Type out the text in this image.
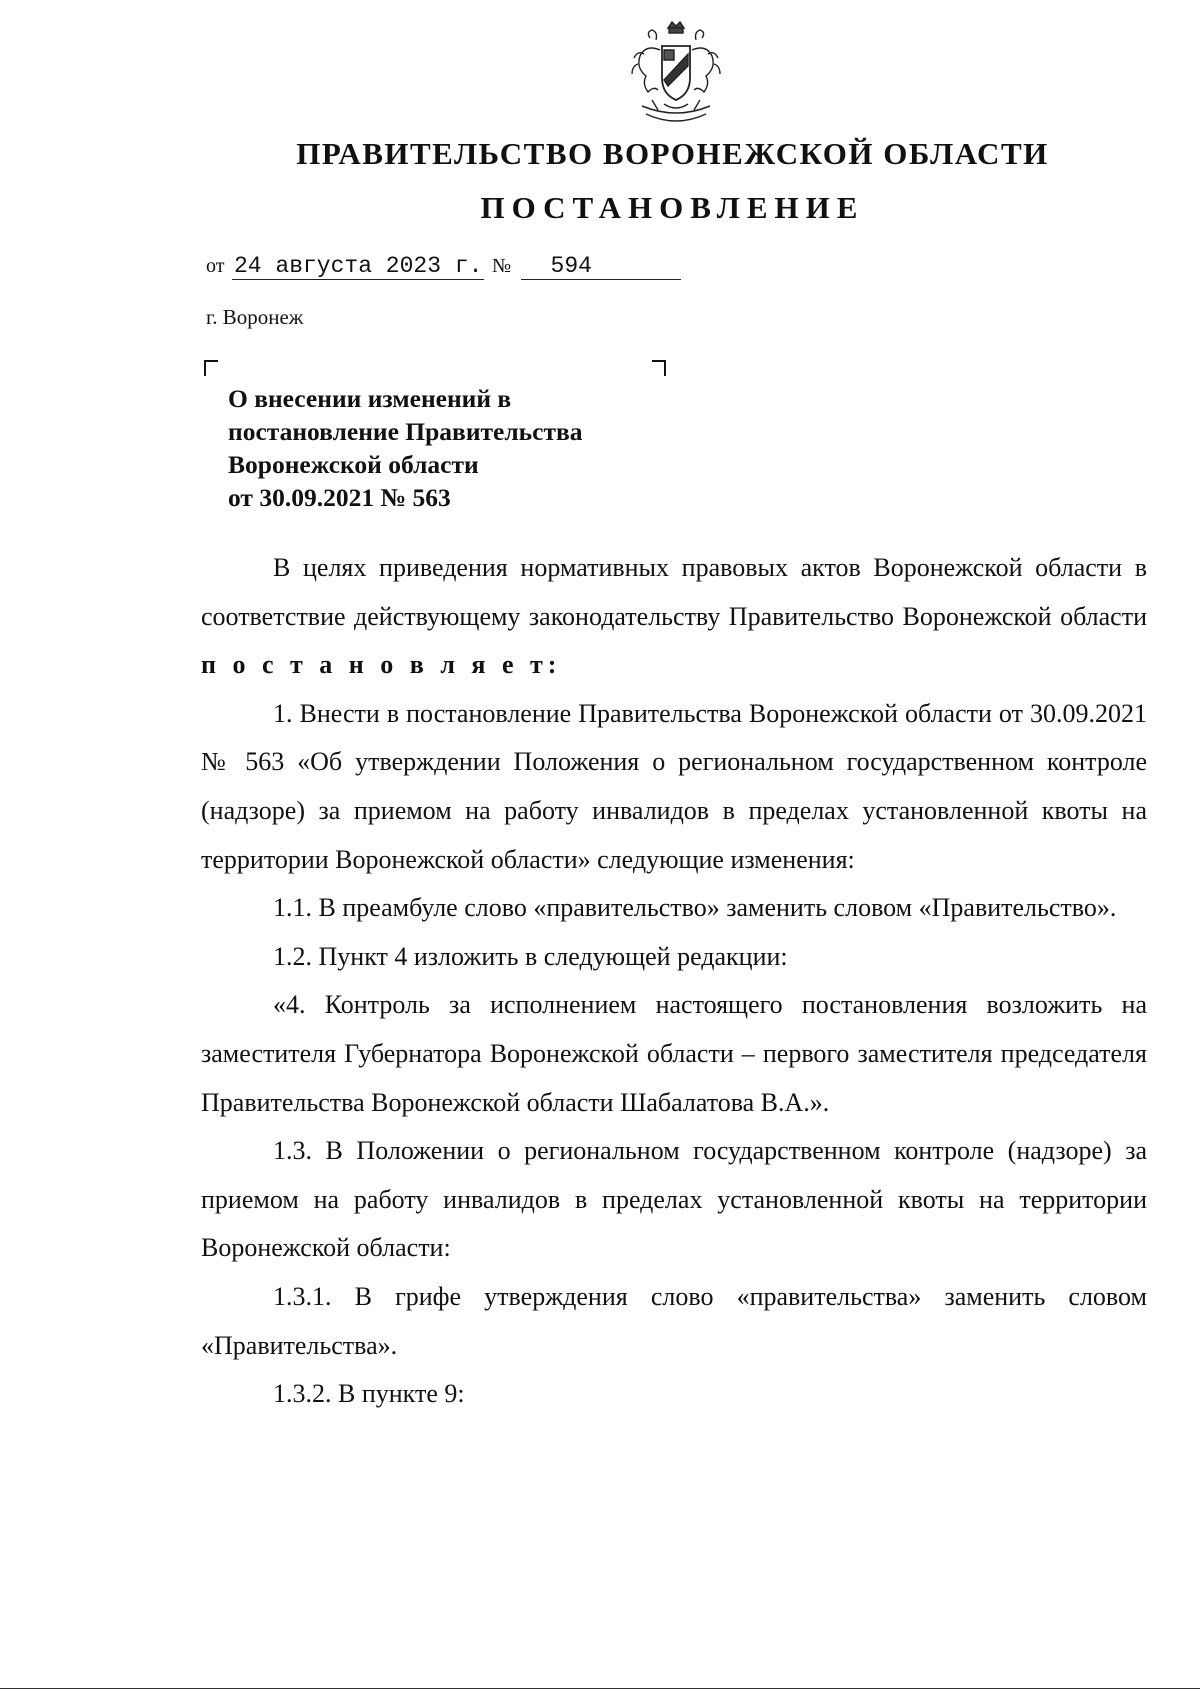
ПРАВИТЕЛЬСТВО ВОРОНЕЖСКОЙ ОБЛАСТИ
ПОСТАНОВЛЕНИЕ
от 24 августа 2023 г. № 594
г. Воронеж
О внесении изменений в
постановление Правительства
Воронежской области
от 30.09.2021 № 563

В целях приведения нормативных правовых актов Воронежской области в соответствие действующему законодательству Правительство Воронежской области п о с т а н о в л я е т:

1. Внести в постановление Правительства Воронежской области от 30.09.2021 № 563 «Об утверждении Положения о региональном государственном контроле (надзоре) за приемом на работу инвалидов в пределах установленной квоты на территории Воронежской области» следующие изменения:

1.1. В преамбуле слово «правительство» заменить словом «Правительство».

1.2. Пункт 4 изложить в следующей редакции:

«4. Контроль за исполнением настоящего постановления возложить на заместителя Губернатора Воронежской области – первого заместителя председателя Правительства Воронежской области Шабалатова В.А.».

1.3. В Положении о региональном государственном контроле (надзоре) за приемом на работу инвалидов в пределах установленной квоты на территории Воронежской области:

1.3.1. В грифе утверждения слово «правительства» заменить словом «Правительства».

1.3.2. В пункте 9:
